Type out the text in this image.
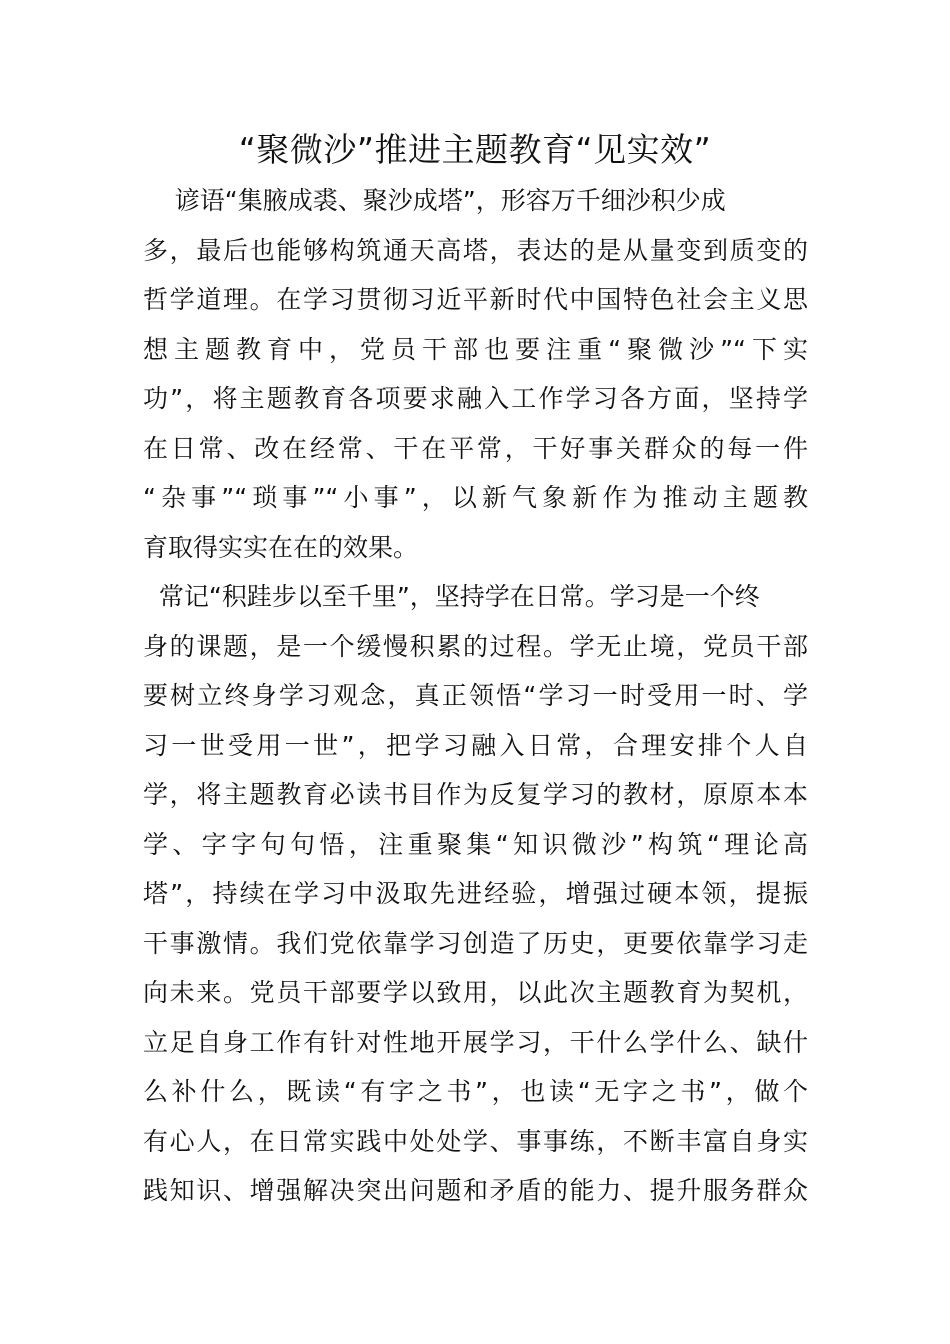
“聚微沙”推进主题教育“见实效”
谚语“集腋成裘、聚沙成塔”，形容万千细沙积少成
多，最后也能够构筑通天高塔，表达的是从量变到质变的
哲学道理。在学习贯彻习近平新时代中国特色社会主义思
想主题教育中，党员干部也要注重“聚微沙”“下实
功”，将主题教育各项要求融入工作学习各方面，坚持学
在日常、改在经常、干在平常，干好事关群众的每一件
“杂事”“琐事”“小事”，以新气象新作为推动主题教
育取得实实在在的效果。
常记“积跬步以至千里”，坚持学在日常。学习是一个终
身的课题，是一个缓慢积累的过程。学无止境，党员干部
要树立终身学习观念，真正领悟“学习一时受用一时、学
习一世受用一世”，把学习融入日常，合理安排个人自
学，将主题教育必读书目作为反复学习的教材，原原本本
学、字字句句悟，注重聚集“知识微沙”构筑“理论高
塔”，持续在学习中汲取先进经验，增强过硬本领，提振
干事激情。我们党依靠学习创造了历史，更要依靠学习走
向未来。党员干部要学以致用，以此次主题教育为契机，
立足自身工作有针对性地开展学习，干什么学什么、缺什
么补什么，既读“有字之书”，也读“无字之书”，做个
有心人，在日常实践中处处学、事事练，不断丰富自身实
践知识、增强解决突出问题和矛盾的能力、提升服务群众
